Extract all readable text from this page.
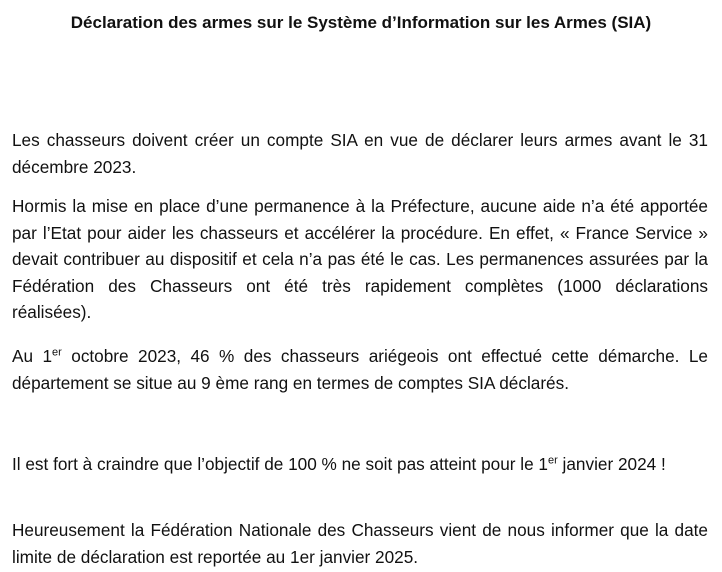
Déclaration des armes sur le Système d’Information sur les Armes (SIA)

Les chasseurs doivent créer un compte SIA en vue de déclarer leurs armes avant le 31 décembre 2023.

Hormis la mise en place d’une permanence à la Préfecture, aucune aide n’a été apportée par l’Etat pour aider les chasseurs et accélérer la procédure. En effet, « France Service » devait contribuer au dispositif et cela n’a pas été le cas. Les permanences assurées par la Fédération des Chasseurs ont été très rapidement complètes (1000 déclarations réalisées).

Au 1er octobre 2023, 46 % des chasseurs ariégeois ont effectué cette démarche. Le département se situe au 9 ème rang en termes de comptes SIA déclarés.

Il est fort à craindre que l’objectif de 100 % ne soit pas atteint pour le 1er janvier 2024 !

Heureusement la Fédération Nationale des Chasseurs vient de nous informer que la date limite de déclaration est reportée au 1er janvier 2025.
